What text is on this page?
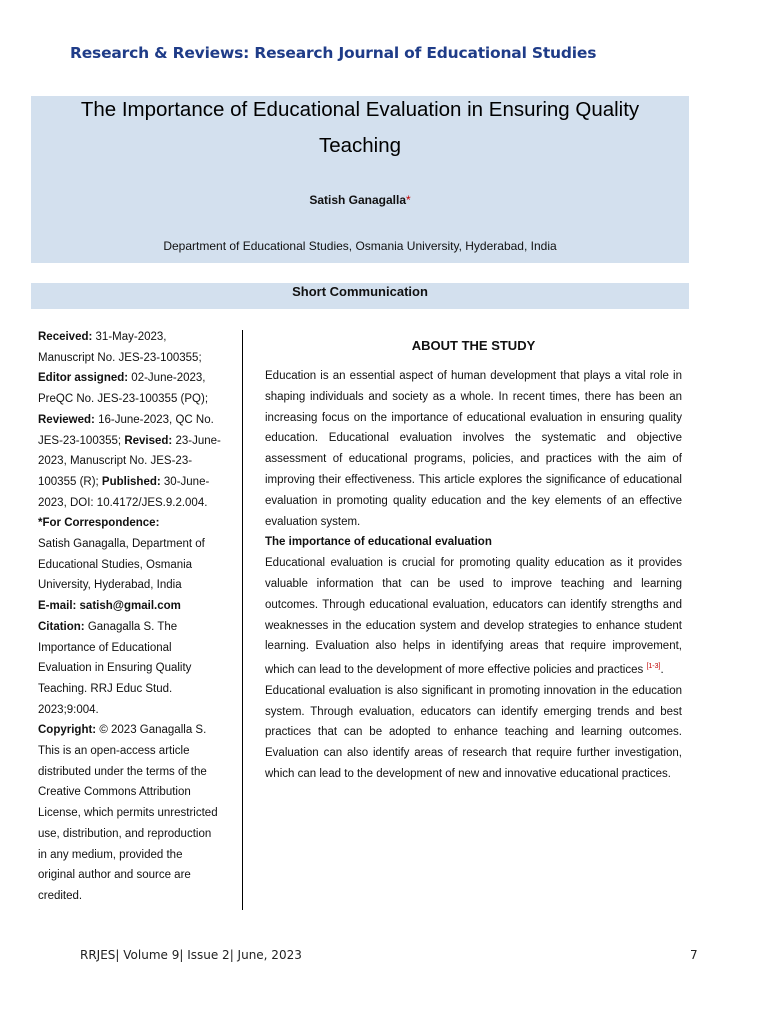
Research & Reviews: Research Journal of Educational Studies
The Importance of Educational Evaluation in Ensuring Quality
Teaching
Satish Ganagalla*
Department of Educational Studies, Osmania University, Hyderabad, India
Short Communication
Received: 31-May-2023,
Manuscript No. JES-23-100355;
Editor assigned: 02-June-2023,
PreQC No. JES-23-100355 (PQ);
Reviewed: 16-June-2023, QC No.
JES-23-100355; Revised: 23-June-
2023, Manuscript No. JES-23-
100355 (R); Published: 30-June-
2023, DOI: 10.4172/JES.9.2.004.
*For Correspondence:
Satish Ganagalla, Department of
Educational Studies, Osmania
University, Hyderabad, India
E-mail: satish@gmail.com
Citation: Ganagalla S. The
Importance of Educational
Evaluation in Ensuring Quality
Teaching. RRJ Educ Stud.
2023;9:004.
Copyright: © 2023 Ganagalla S.
This is an open-access article
distributed under the terms of the
Creative Commons Attribution
License, which permits unrestricted
use, distribution, and reproduction
in any medium, provided the
original author and source are
credited.
ABOUT THE STUDY

Education is an essential aspect of human development that plays a vital role in shaping individuals and society as a whole. In recent times, there has been an increasing focus on the importance of educational evaluation in ensuring quality education. Educational evaluation involves the systematic and objective assessment of educational programs, policies, and practices with the aim of improving their effectiveness. This article explores the significance of educational evaluation in promoting quality education and the key elements of an effective evaluation system.

The importance of educational evaluation

Educational evaluation is crucial for promoting quality education as it provides valuable information that can be used to improve teaching and learning outcomes. Through educational evaluation, educators can identify strengths and weaknesses in the education system and develop strategies to enhance student learning. Evaluation also helps in identifying areas that require improvement, which can lead to the development of more effective policies and practices [1-3].

Educational evaluation is also significant in promoting innovation in the education system. Through evaluation, educators can identify emerging trends and best practices that can be adopted to enhance teaching and learning outcomes. Evaluation can also identify areas of research that require further investigation, which can lead to the development of new and innovative educational practices.

RRJES| Volume 9| Issue 2| June, 2023	7
